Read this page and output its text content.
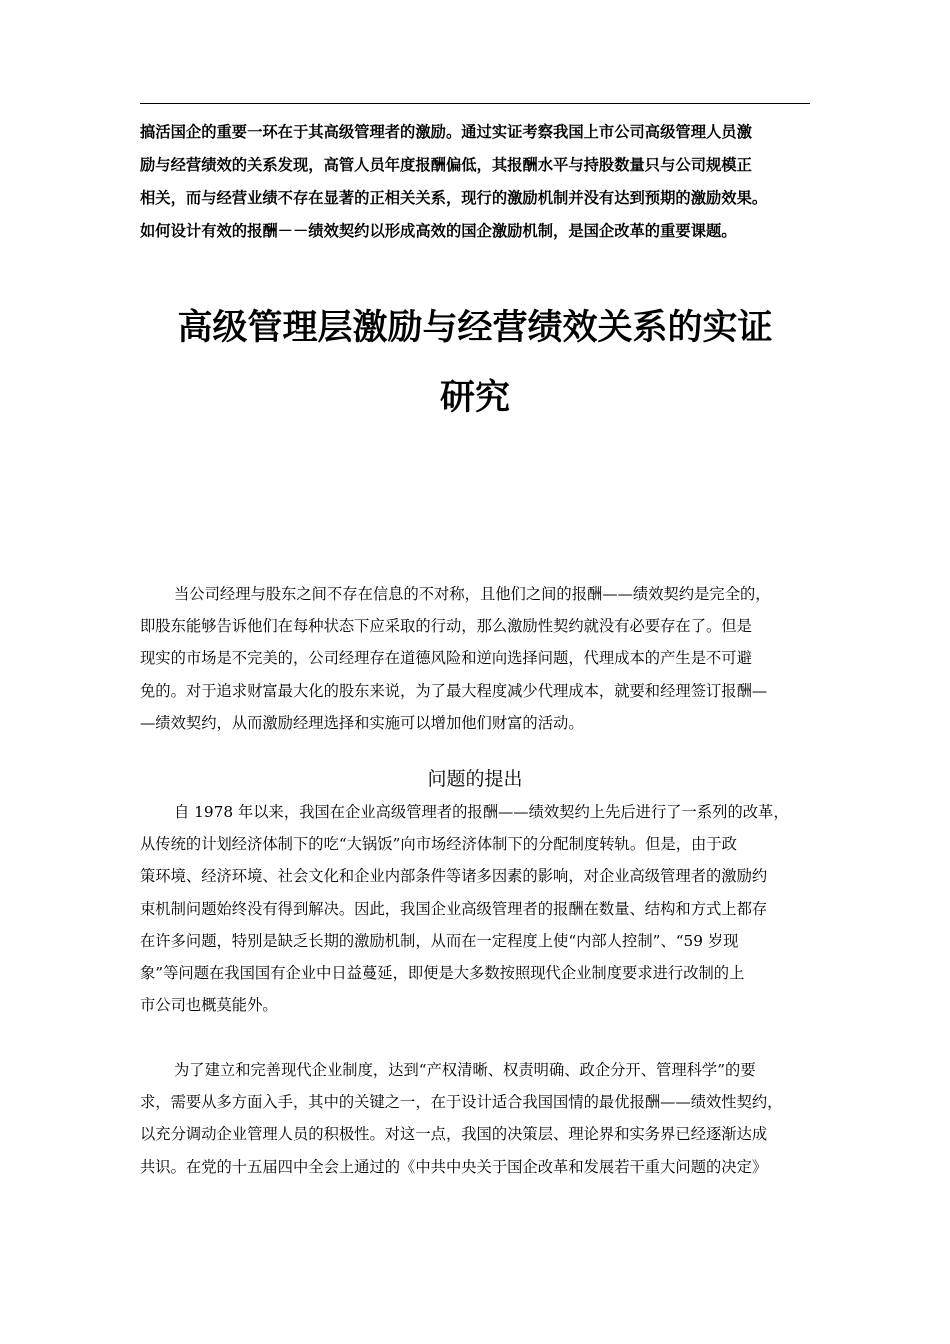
搞活国企的重要一环在于其高级管理者的激励。通过实证考察我国上市公司高级管理人员激

励与经营绩效的关系发现，高管人员年度报酬偏低，其报酬水平与持股数量只与公司规模正

相关，而与经营业绩不存在显著的正相关关系，现行的激励机制并没有达到预期的激励效果。

如何设计有效的报酬－－绩效契约以形成高效的国企激励机制，是国企改革的重要课题。

高级管理层激励与经营绩效关系的实证
研究
当公司经理与股东之间不存在信息的不对称，且他们之间的报酬——绩效契约是完全的，
即股东能够告诉他们在每种状态下应采取的行动，那么激励性契约就没有必要存在了。但是
现实的市场是不完美的，公司经理存在道德风险和逆向选择问题，代理成本的产生是不可避
免的。对于追求财富最大化的股东来说，为了最大程度减少代理成本，就要和经理签订报酬—
—绩效契约，从而激励经理选择和实施可以增加他们财富的活动。
问题的提出
自 1978 年以来，我国在企业高级管理者的报酬——绩效契约上先后进行了一系列的改革，
从传统的计划经济体制下的吃“大锅饭”向市场经济体制下的分配制度转轨。但是，由于政
策环境、经济环境、社会文化和企业内部条件等诸多因素的影响，对企业高级管理者的激励约
束机制问题始终没有得到解决。因此，我国企业高级管理者的报酬在数量、结构和方式上都存
在许多问题，特别是缺乏长期的激励机制，从而在一定程度上使“内部人控制”、“59 岁现
象”等问题在我国国有企业中日益蔓延，即便是大多数按照现代企业制度要求进行改制的上
市公司也概莫能外。
为了建立和完善现代企业制度，达到“产权清晰、权责明确、政企分开、管理科学”的要
求，需要从多方面入手，其中的关键之一，在于设计适合我国国情的最优报酬——绩效性契约，
以充分调动企业管理人员的积极性。对这一点，我国的决策层、理论界和实务界已经逐渐达成
共识。在党的十五届四中全会上通过的《中共中央关于国企改革和发展若干重大问题的决定》
